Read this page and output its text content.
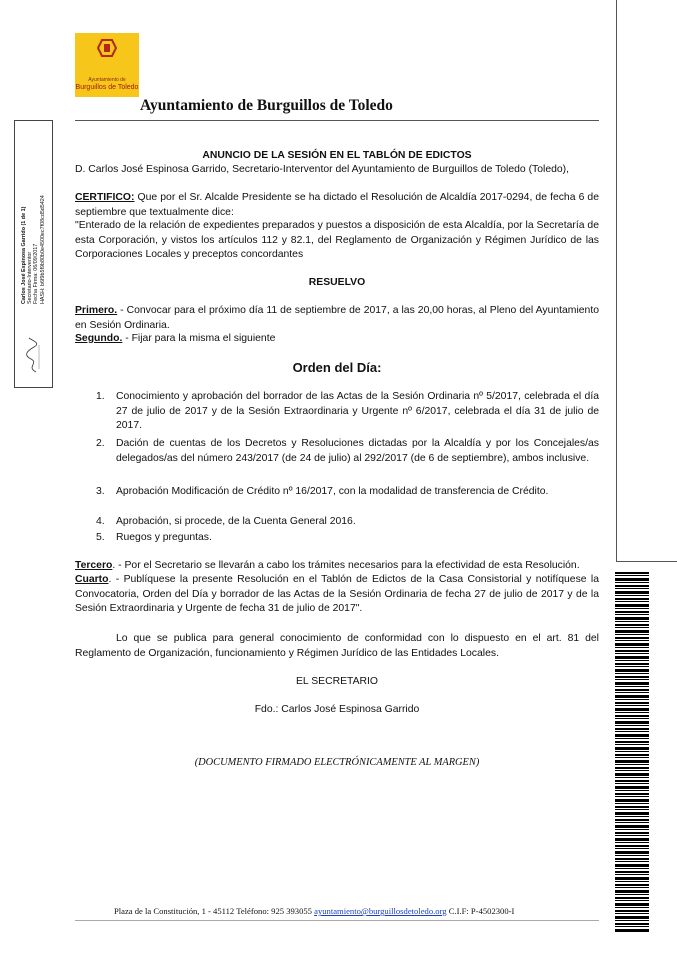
Ayuntamiento de
Burguillos de Toledo
Ayuntamiento de Burguillos de Toledo
Carlos José Espinosa Garrido (1 de 1) Secretario-Interventor Fecha Firma: 06/09/2017 HASH: b6f9b5f9b80b0e4500ec7f08cd5d5424
ANUNCIO DE LA SESIÓN EN EL TABLÓN DE EDICTOS
D. Carlos José Espinosa Garrido, Secretario-Interventor del Ayuntamiento de Burguillos de Toledo (Toledo),
CERTIFICO: Que por el Sr. Alcalde Presidente se ha dictado el Resolución de Alcaldía 2017-0294, de fecha 6 de septiembre que textualmente dice:
"Enterado de la relación de expedientes preparados y puestos a disposición de esta Alcaldía, por la Secretaría de esta Corporación, y vistos los artículos 112 y 82.1, del Reglamento de Organización y Régimen Jurídico de las Corporaciones Locales y preceptos concordantes
RESUELVO
Primero. - Convocar para el próximo día 11 de septiembre de 2017, a las 20,00 horas, al Pleno del Ayuntamiento en Sesión Ordinaria.
Segundo. - Fijar para la misma el siguiente
Orden del Día:
1.	Conocimiento y aprobación del borrador de las Actas de la Sesión Ordinaria nº 5/2017, celebrada el día 27 de julio de 2017 y de la Sesión Extraordinaria y Urgente nº 6/2017, celebrada el día 31 de julio de 2017.
2.	Dación de cuentas de los Decretos y Resoluciones dictadas por la Alcaldía y por los Concejales/as delegados/as del número 243/2017 (de 24 de julio) al 292/2017 (de 6 de septiembre), ambos inclusive.
3.	Aprobación Modificación de Crédito nº 16/2017, con la modalidad de transferencia de Crédito.
4.	Aprobación, si procede, de la Cuenta General 2016.
5.	Ruegos y preguntas.
Tercero. - Por el Secretario se llevarán a cabo los trámites necesarios para la efectividad de esta Resolución.
Cuarto. - Publíquese la presente Resolución en el Tablón de Edictos de la Casa Consistorial y notifíquese la Convocatoria, Orden del Día y borrador de las Actas de la Sesión Ordinaria de fecha 27 de julio de 2017 y de la Sesión Extraordinaria y Urgente de fecha 31 de julio de 2017".
Lo que se publica para general conocimiento de conformidad con lo dispuesto en el art. 81 del Reglamento de Organización, funcionamiento y Régimen Jurídico de las Entidades Locales.
EL SECRETARIO
Fdo.: Carlos José Espinosa Garrido
(DOCUMENTO FIRMADO ELECTRÓNICAMENTE AL MARGEN)
Plaza de la Constitución, 1 - 45112 Teléfono: 925 393055 ayuntamiento@burguillosdetoledo.org C.I.F: P-4502300-I
